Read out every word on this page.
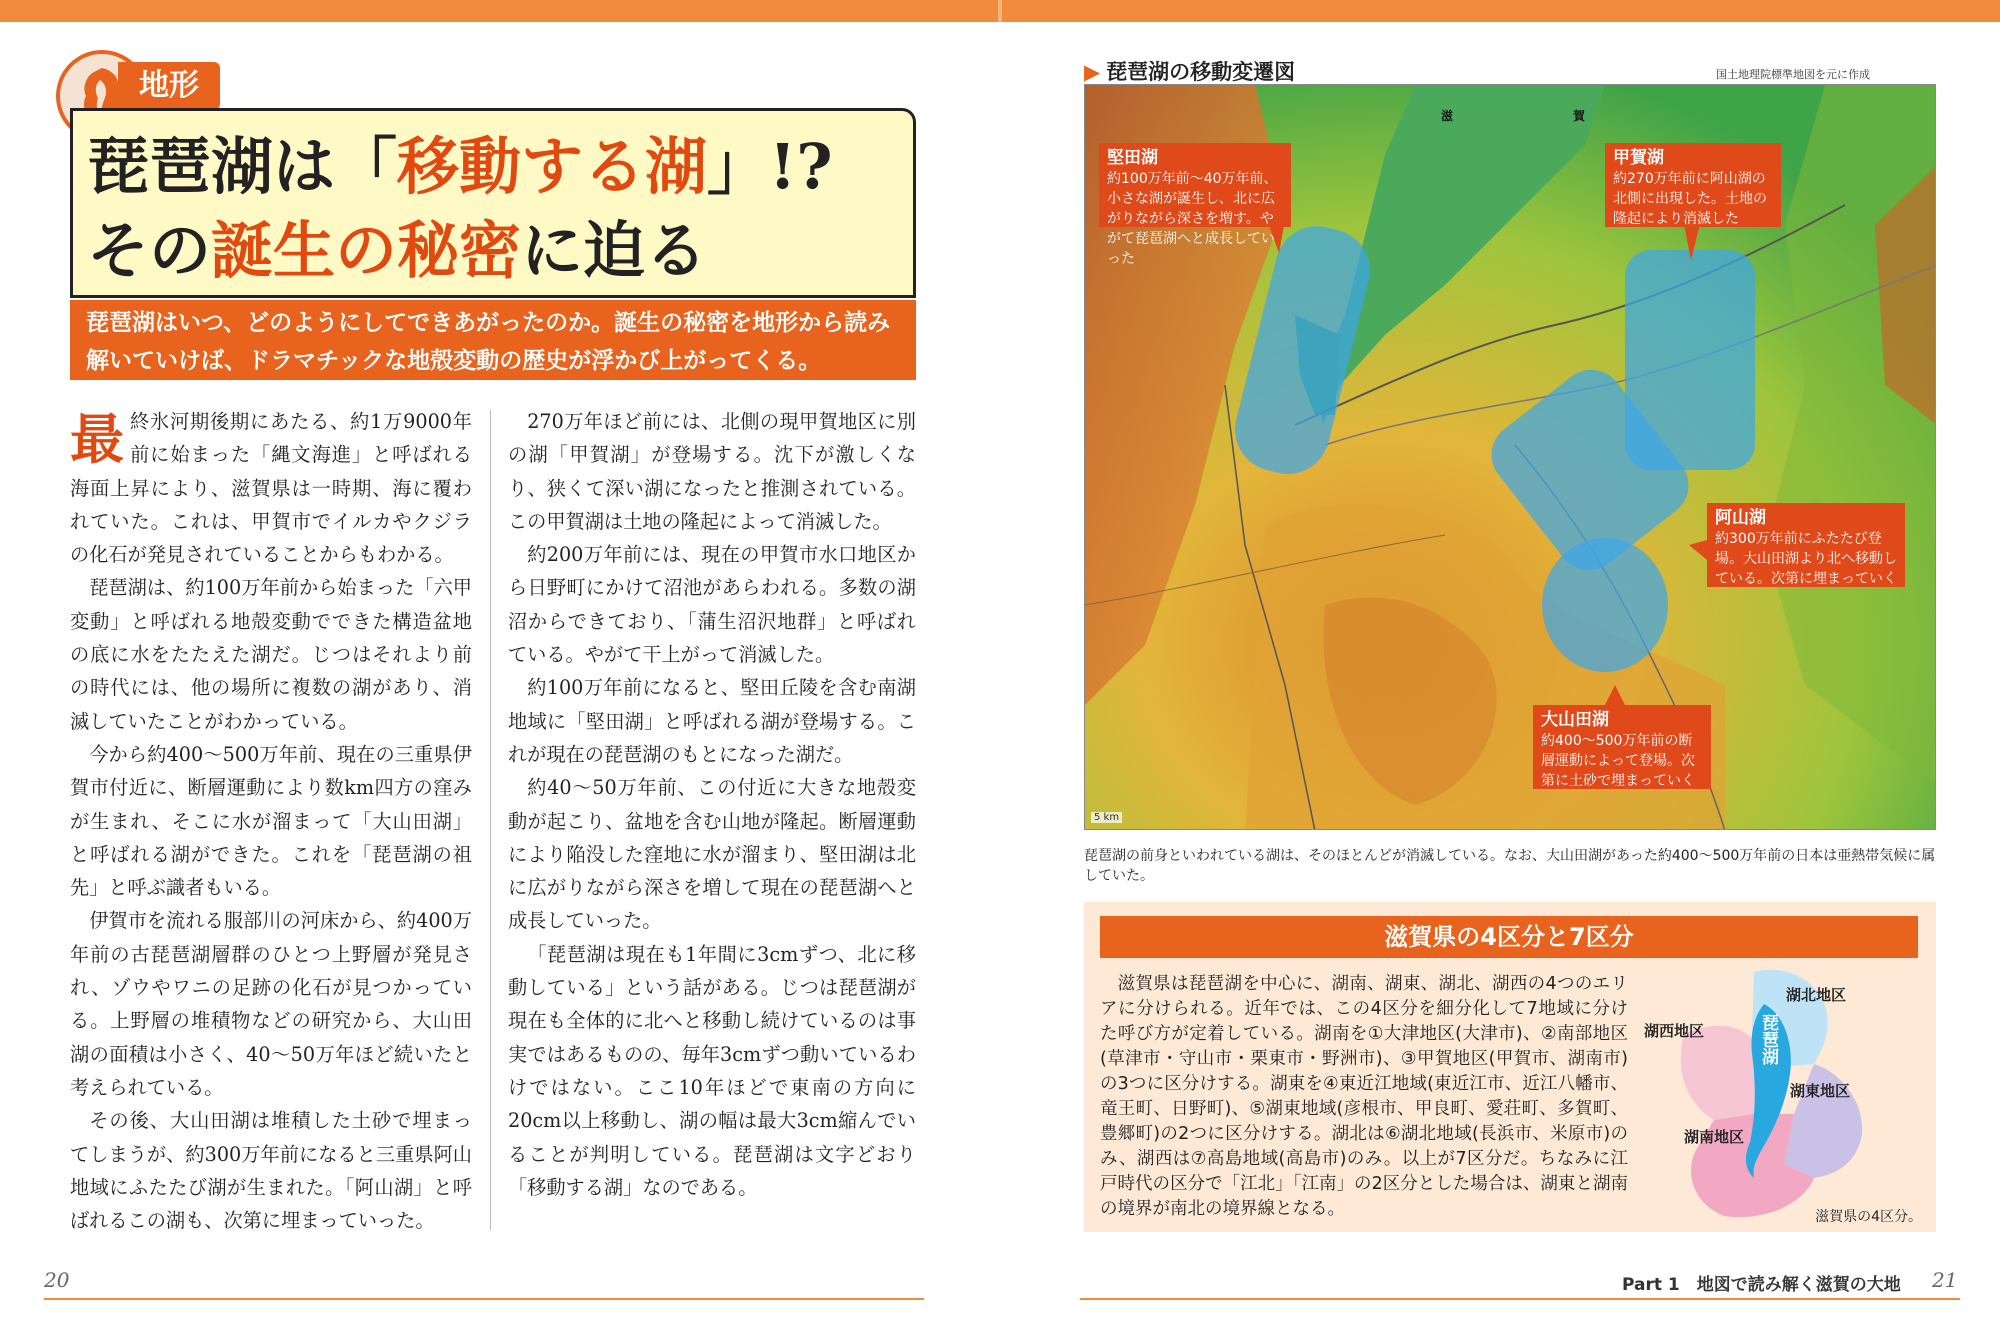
地形
琵琶湖は「移動する湖」!?
その誕生の秘密に迫る
琵琶湖はいつ、どのようにしてできあがったのか。誕生の秘密を地形から読み解いていけば、ドラマチックな地殻変動の歴史が浮かび上がってくる。

最終氷河期後期にあたる、約1万9000年前に始まった「縄文海進」と呼ばれる海面上昇により、滋賀県は一時期、海に覆われていた。これは、甲賀市でイルカやクジラの化石が発見されていることからもわかる。

琵琶湖は、約100万年前から始まった「六甲変動」と呼ばれる地殻変動でできた構造盆地の底に水をたたえた湖だ。じつはそれより前の時代には、他の場所に複数の湖があり、消滅していたことがわかっている。

今から約400〜500万年前、現在の三重県伊賀市付近に、断層運動により数km四方の窪みが生まれ、そこに水が溜まって「大山田湖」と呼ばれる湖ができた。これを「琵琶湖の祖先」と呼ぶ識者もいる。

伊賀市を流れる服部川の河床から、約400万年前の古琵琶湖層群のひとつ上野層が発見され、ゾウやワニの足跡の化石が見つかっている。上野層の堆積物などの研究から、大山田湖の面積は小さく、40〜50万年ほど続いたと考えられている。

その後、大山田湖は堆積した土砂で埋まってしまうが、約300万年前になると三重県阿山地域にふたたび湖が生まれた。「阿山湖」と呼ばれるこの湖も、次第に埋まっていった。

270万年ほど前には、北側の現甲賀地区に別の湖「甲賀湖」が登場する。沈下が激しくなり、狭くて深い湖になったと推測されている。この甲賀湖は土地の隆起によって消滅した。

約200万年前には、現在の甲賀市水口地区から日野町にかけて沼池があらわれる。多数の湖沼からできており、「蒲生沼沢地群」と呼ばれている。やがて干上がって消滅した。

約100万年前になると、堅田丘陵を含む南湖地域に「堅田湖」と呼ばれる湖が登場する。これが現在の琵琶湖のもとになった湖だ。

約40〜50万年前、この付近に大きな地殻変動が起こり、盆地を含む山地が隆起。断層運動により陥没した窪地に水が溜まり、堅田湖は北に広がりながら深さを増して現在の琵琶湖へと成長していった。

「琵琶湖は現在も1年間に3cmずつ、北に移動している」という話がある。じつは琵琶湖が現在も全体的に北へと移動し続けているのは事実ではあるものの、毎年3cmずつ動いているわけではない。ここ10年ほどで東南の方向に20cm以上移動し、湖の幅は最大3cm縮んでいることが判明している。琵琶湖は文字どおり「移動する湖」なのである。

20
▶ 琵琶湖の移動変遷図	国土地理院標準地図を元に作成
滋	賀
堅田湖
約100万年前〜40万年前、小さな湖が誕生し、北に広がりながら深さを増す。やがて琵琶湖へと成長していった
甲賀湖
約270万年前に阿山湖の北側に出現した。土地の隆起により消滅した
阿山湖
約300万年前にふたたび登場。大山田湖より北へ移動している。次第に埋まっていく
大山田湖
約400〜500万年前の断層運動によって登場。次第に土砂で埋まっていく
5 km
琵琶湖の前身といわれている湖は、そのほとんどが消滅している。なお、大山田湖があった約400〜500万年前の日本は亜熱帯気候に属していた。
滋賀県の4区分と7区分
滋賀県は琵琶湖を中心に、湖南、湖東、湖北、湖西の4つのエリアに分けられる。近年では、この4区分を細分化して7地域に分けた呼び方が定着している。湖南を①大津地区(大津市)、②南部地区(草津市・守山市・栗東市・野洲市)、③甲賀地区(甲賀市、湖南市)の3つに区分けする。湖東を④東近江地域(東近江市、近江八幡市、竜王町、日野町)、⑤湖東地域(彦根市、甲良町、愛荘町、多賀町、豊郷町)の2つに区分けする。湖北は⑥湖北地域(長浜市、米原市)のみ、湖西は⑦高島地域(高島市)のみ。以上が7区分だ。ちなみに江戸時代の区分で「江北」「江南」の2区分とした場合は、湖東と湖南の境界が南北の境界線となる。
湖北地区
湖西地区
湖東地区
湖南地区
琵琶湖
滋賀県の4区分。
Part 1　地図で読み解く滋賀の大地 21
